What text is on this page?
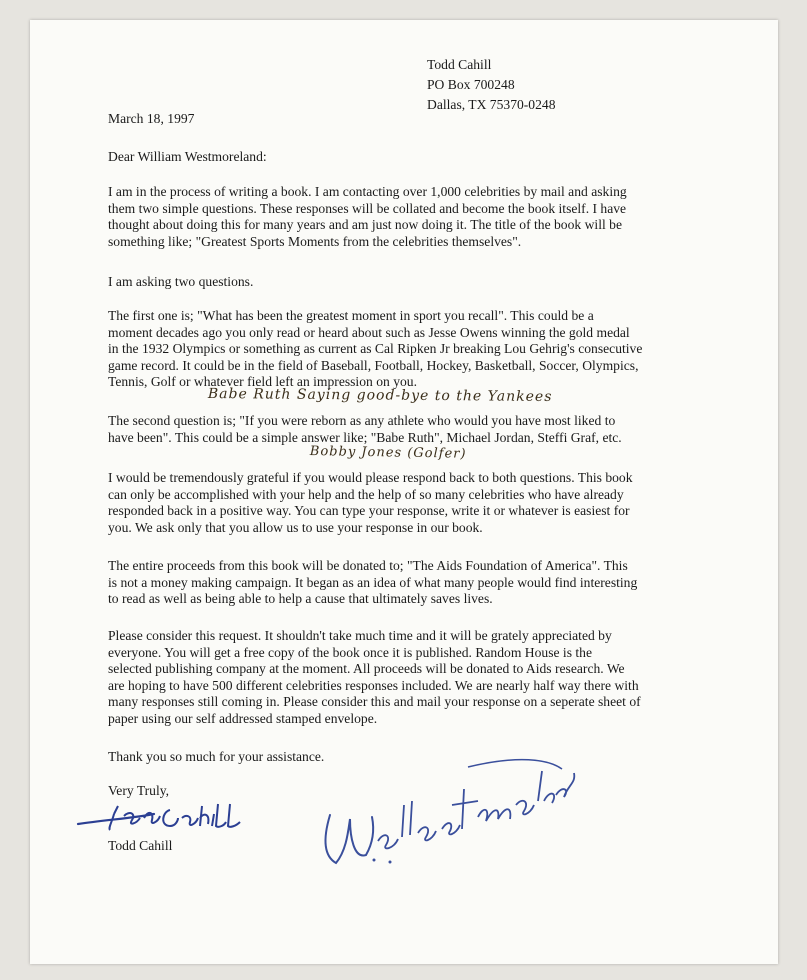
Todd Cahill
PO Box 700248
Dallas, TX 75370-0248
March 18, 1997
Dear William Westmoreland:

I am in the process of writing a book. I am contacting over 1,000 celebrities by mail and asking
them two simple questions. These responses will be collated and become the book itself. I have
thought about doing this for many years and am just now doing it. The title of the book will be
something like; "Greatest Sports Moments from the celebrities themselves".

I am asking two questions.

The first one is; "What has been the greatest moment in sport you recall". This could be a
moment decades ago you only read or heard about such as Jesse Owens winning the gold medal
in the 1932 Olympics or something as current as Cal Ripken Jr breaking Lou Gehrig's consecutive
game record. It could be in the field of Baseball, Football, Hockey, Basketball, Soccer, Olympics,
Tennis, Golf or whatever field left an impression on you.

The second question is; "If you were reborn as any athlete who would you have most liked to
have been". This could be a simple answer like; "Babe Ruth", Michael Jordan, Steffi Graf, etc.

I would be tremendously grateful if you would please respond back to both questions. This book
can only be accomplished with your help and the help of so many celebrities who have already
responded back in a positive way. You can type your response, write it or whatever is easiest for
you. We ask only that you allow us to use your response in our book.

The entire proceeds from this book will be donated to; "The Aids Foundation of America". This
is not a money making campaign. It began as an idea of what many people would find interesting
to read as well as being able to help a cause that ultimately saves lives.

Please consider this request. It shouldn't take much time and it will be grately appreciated by
everyone. You will get a free copy of the book once it is published. Random House is the
selected publishing company at the moment. All proceeds will be donated to Aids research. We
are hoping to have 500 different celebrities responses included. We are nearly half way there with
many responses still coming in. Please consider this and mail your response on a seperate sheet of
paper using our self addressed stamped envelope.

Thank you so much for your assistance.

Very Truly,
Todd Cahill
Babe Ruth Saying good-bye to the Yankees
Bobby Jones (Golfer)
